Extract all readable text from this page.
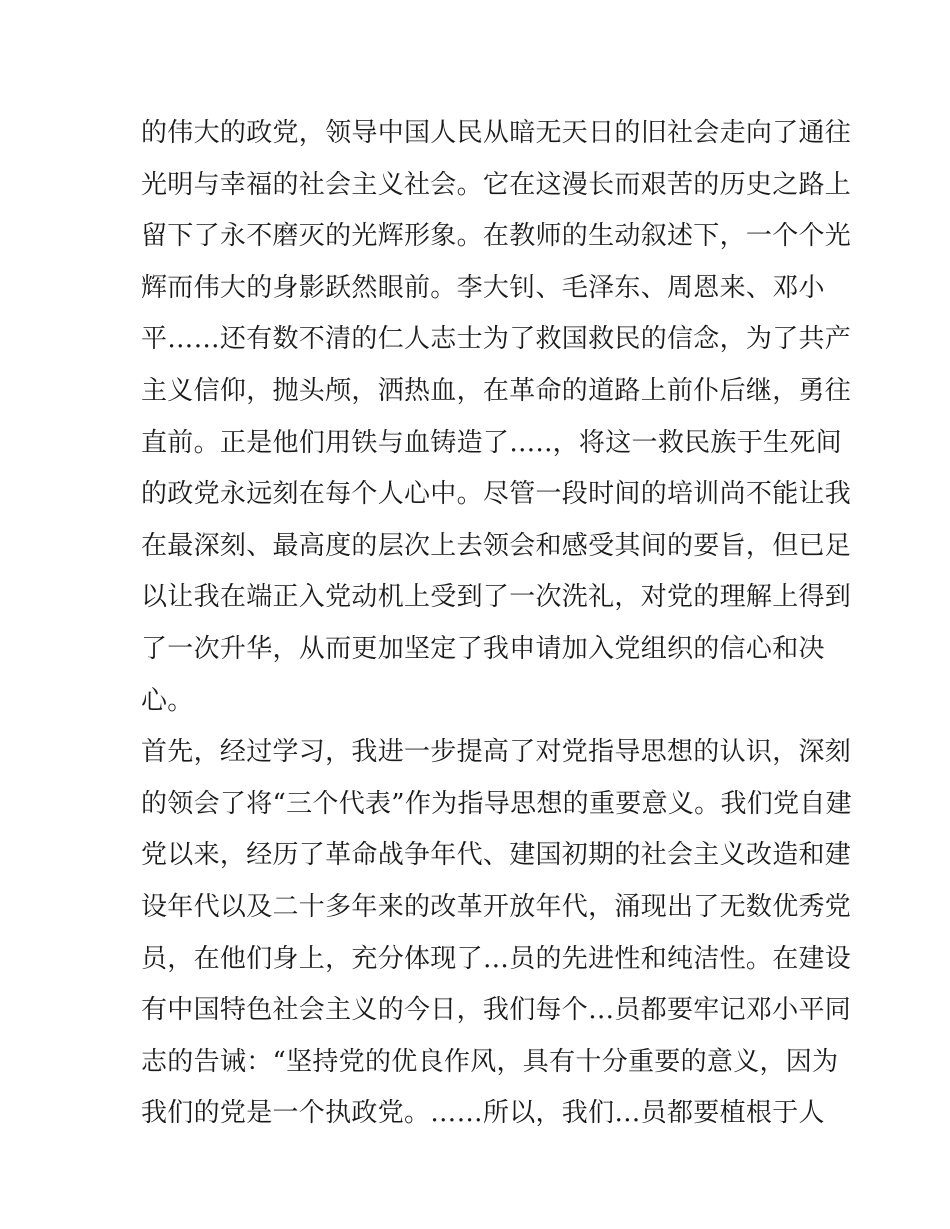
的伟大的政党，领导中国人民从暗无天日的旧社会走向了通往
光明与幸福的社会主义社会。它在这漫长而艰苦的历史之路上
留下了永不磨灭的光辉形象。在教师的生动叙述下，一个个光
辉而伟大的身影跃然眼前。李大钊、毛泽东、周恩来、邓小
平……还有数不清的仁人志士为了救国救民的信念，为了共产
主义信仰，抛头颅，洒热血，在革命的道路上前仆后继，勇往
直前。正是他们用铁与血铸造了…..，将这一救民族于生死间
的政党永远刻在每个人心中。尽管一段时间的培训尚不能让我
在最深刻、最高度的层次上去领会和感受其间的要旨，但已足
以让我在端正入党动机上受到了一次洗礼，对党的理解上得到
了一次升华，从而更加坚定了我申请加入党组织的信心和决
心。
首先，经过学习，我进一步提高了对党指导思想的认识，深刻
的领会了将“三个代表”作为指导思想的重要意义。我们党自建
党以来，经历了革命战争年代、建国初期的社会主义改造和建
设年代以及二十多年来的改革开放年代，涌现出了无数优秀党
员，在他们身上，充分体现了…员的先进性和纯洁性。在建设
有中国特色社会主义的今日，我们每个…员都要牢记邓小平同
志的告诫：“坚持党的优良作风，具有十分重要的意义，因为
我们的党是一个执政党。……所以，我们…员都要植根于人
